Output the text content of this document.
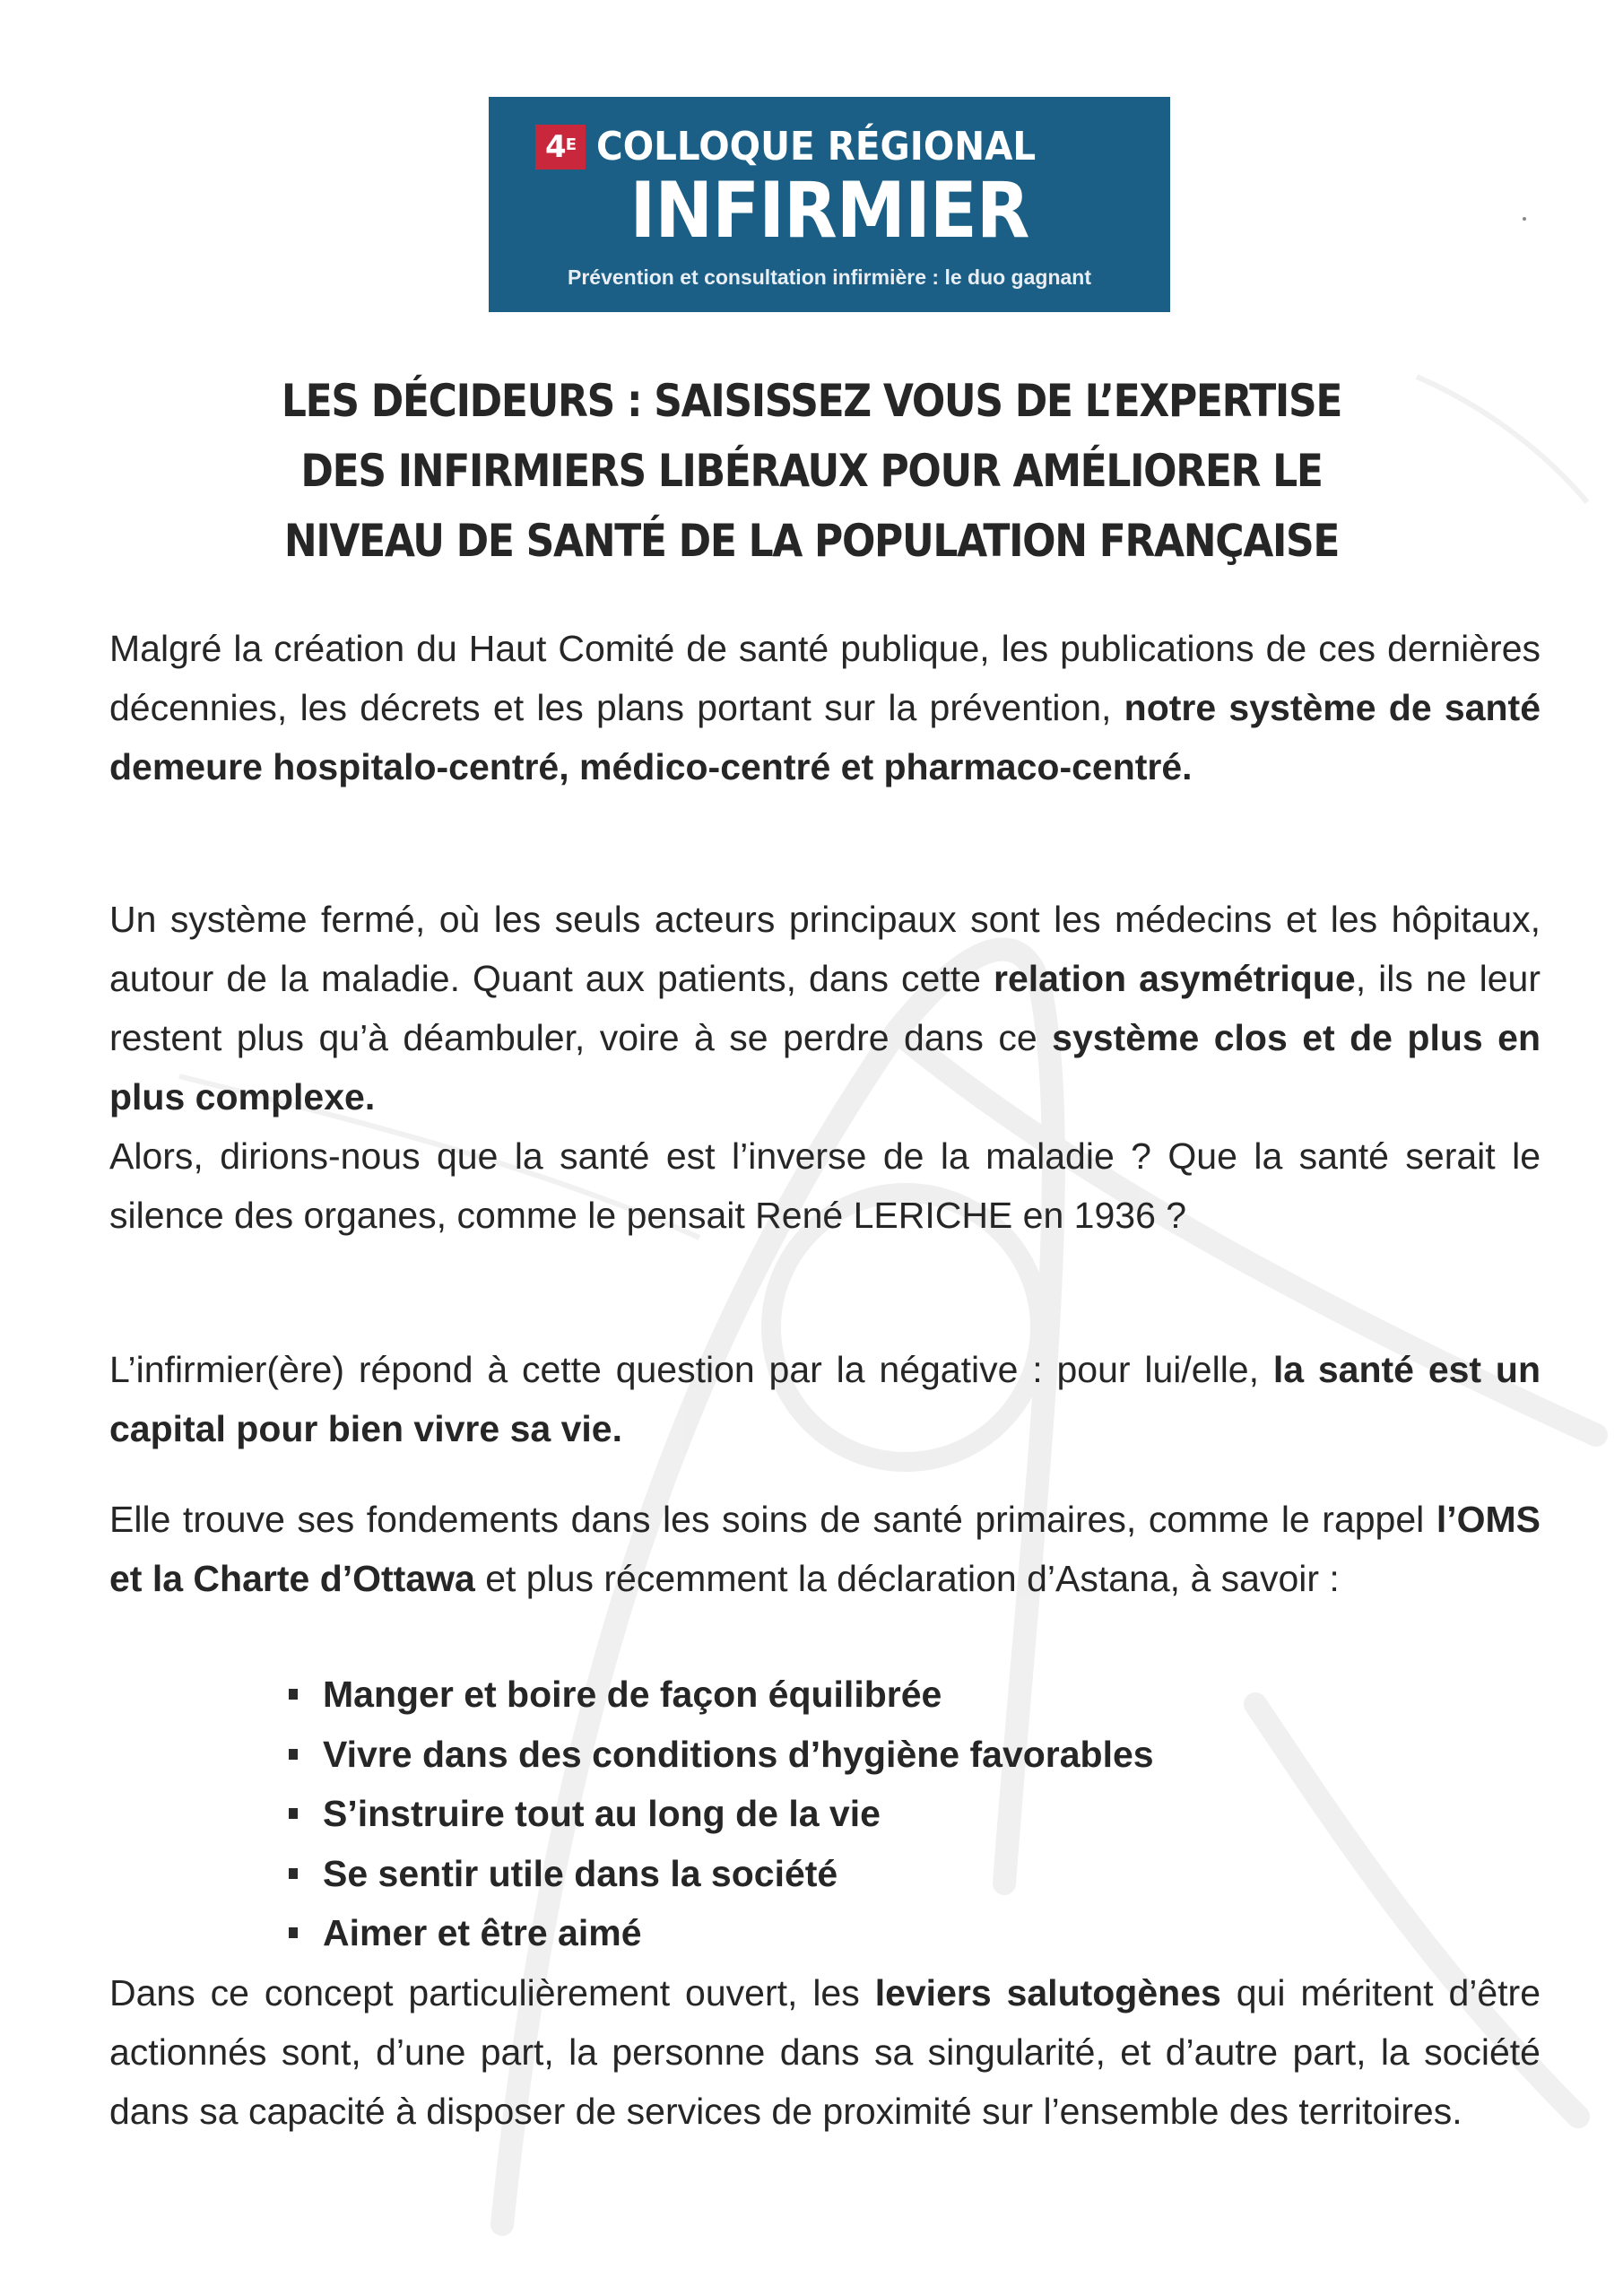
$4^E$ COLLOQUE RÉGIONAL
INFIRMIER
Prévention et consultation infirmière : le duo gagnant
LES DÉCIDEURS : SAISISSEZ VOUS DE L’EXPERTISE
DES INFIRMIERS LIBÉRAUX POUR AMÉLIORER LE
NIVEAU DE SANTÉ DE LA POPULATION FRANÇAISE

Malgré la création du Haut Comité de santé publique, les publications de ces dernières décennies, les décrets et les plans portant sur la prévention, notre système de santé demeure hospitalo-centré, médico-centré et pharmaco-centré.

Un système fermé, où les seuls acteurs principaux sont les médecins et les hôpitaux, autour de la maladie. Quant aux patients, dans cette relation asymétrique, ils ne leur restent plus qu’à déambuler, voire à se perdre dans ce système clos et de plus en plus complexe.

Alors, dirions-nous que la santé est l’inverse de la maladie ? Que la santé serait le silence des organes, comme le pensait René LERICHE en 1936 ?

L’infirmier(ère) répond à cette question par la négative : pour lui/elle, la santé est un capital pour bien vivre sa vie.

Elle trouve ses fondements dans les soins de santé primaires, comme le rappel l’OMS et la Charte d’Ottawa et plus récemment la déclaration d’Astana, à savoir :

Manger et boire de façon équilibrée
Vivre dans des conditions d’hygiène favorables
S’instruire tout au long de la vie
Se sentir utile dans la société
Aimer et être aimé

Dans ce concept particulièrement ouvert, les leviers salutogènes qui méritent d’être actionnés sont, d’une part, la personne dans sa singularité, et d’autre part, la société dans sa capacité à disposer de services de proximité sur l’ensemble des territoires.
